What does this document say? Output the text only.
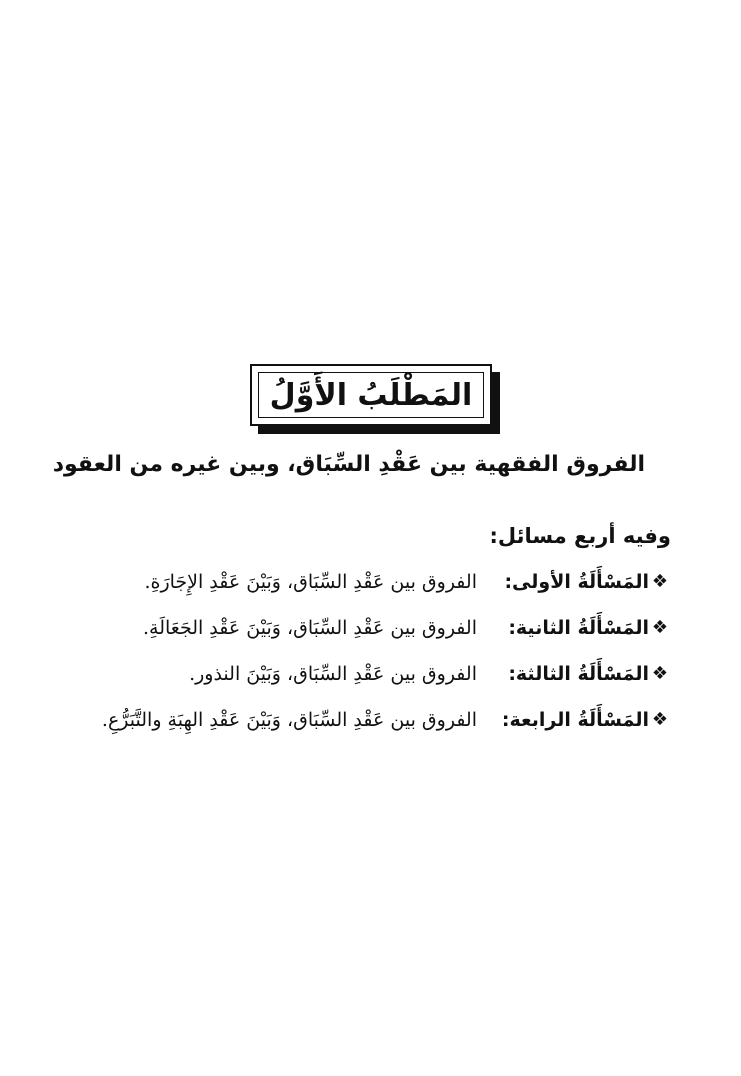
المَطْلَبُ الأَوَّلُ
الفروق الفقهية بين عَقْدِ السِّبَاق، وبين غيره من العقود
وفيه أربع مسائل:
❖
المَسْأَلَةُ الأولى:
الفروق بين عَقْدِ السِّبَاق، وَبَيْنَ عَقْدِ الإِجَارَةِ.
❖
المَسْأَلَةُ الثانية:
الفروق بين عَقْدِ السِّبَاق، وَبَيْنَ عَقْدِ الجَعَالَةِ.
❖
المَسْأَلَةُ الثالثة:
الفروق بين عَقْدِ السِّبَاق، وَبَيْنَ النذور.
❖
المَسْأَلَةُ الرابعة:
الفروق بين عَقْدِ السِّبَاق، وَبَيْنَ عَقْدِ الهِبَةِ والتَّبَرُّعِ.
